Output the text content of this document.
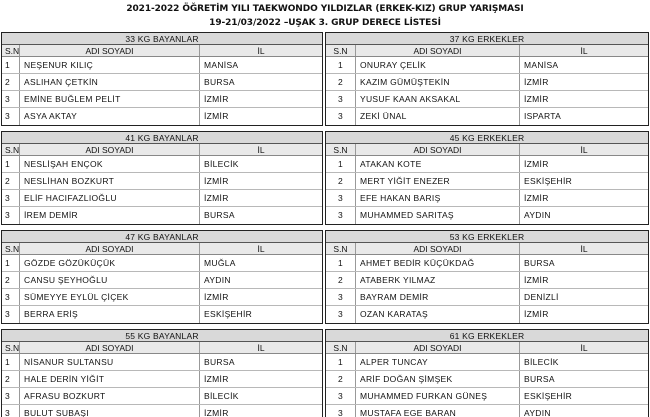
2021-2022 ÖĞRETİM YILI TAEKWONDO YILDIZLAR (ERKEK-KIZ) GRUP YARIŞMASI
19-21/03/2022 –UŞAK 3. GRUP DERECE LİSTESİ
33 KG BAYANLAR
S.N	ADI SOYADI	İL
1	NEŞENUR KILIÇ	MANİSA
2	ASLIHAN ÇETKİN	BURSA
3	EMİNE BUĞLEM PELİT	İZMİR
3	ASYA AKTAY	İZMİR
37 KG ERKEKLER
S.N	ADI SOYADI	İL
1	ONURAY ÇELİK	MANİSA
2	KAZIM GÜMÜŞTEKİN	İZMİR
3	YUSUF KAAN AKSAKAL	İZMİR
3	ZEKİ ÜNAL	ISPARTA
41 KG BAYANLAR
S.N	ADI SOYADI	İL
1	NESLİŞAH ENÇOK	BİLECİK
2	NESLİHAN BOZKURT	İZMİR
3	ELİF HACIFAZLIOĞLU	İZMİR
3	İREM DEMİR	BURSA
45 KG ERKEKLER
S.N	ADI SOYADI	İL
1	ATAKAN KOTE	İZMİR
2	MERT YİĞİT ENEZER	ESKİŞEHİR
3	EFE HAKAN BARIŞ	İZMİR
3	MUHAMMED SARITAŞ	AYDIN
47 KG BAYANLAR
S.N	ADI SOYADI	İL
1	GÖZDE GÖZÜKÜÇÜK	MUĞLA
2	CANSU ŞEYHOĞLU	AYDIN
3	SÜMEYYE EYLÜL ÇİÇEK	İZMİR
3	BERRA ERİŞ	ESKİŞEHİR
53 KG ERKEKLER
S.N	ADI SOYADI	İL
1	AHMET BEDİR KÜÇÜKDAĞ	BURSA
2	ATABERK YILMAZ	İZMİR
3	BAYRAM DEMİR	DENİZLİ
3	OZAN KARATAŞ	İZMİR
55 KG BAYANLAR
S.N	ADI SOYADI	İL
1	NİSANUR SULTANSU	BURSA
2	HALE DERİN YİĞİT	İZMİR
3	AFRASU BOZKURT	BİLECİK
3	BULUT SUBAŞI	İZMİR
61 KG ERKEKLER
S.N	ADI SOYADI	İL
1	ALPER TUNCAY	BİLECİK
2	ARİF DOĞAN ŞİMŞEK	BURSA
3	MUHAMMED FURKAN GÜNEŞ	ESKİŞEHİR
3	MUSTAFA EGE BARAN	AYDIN
